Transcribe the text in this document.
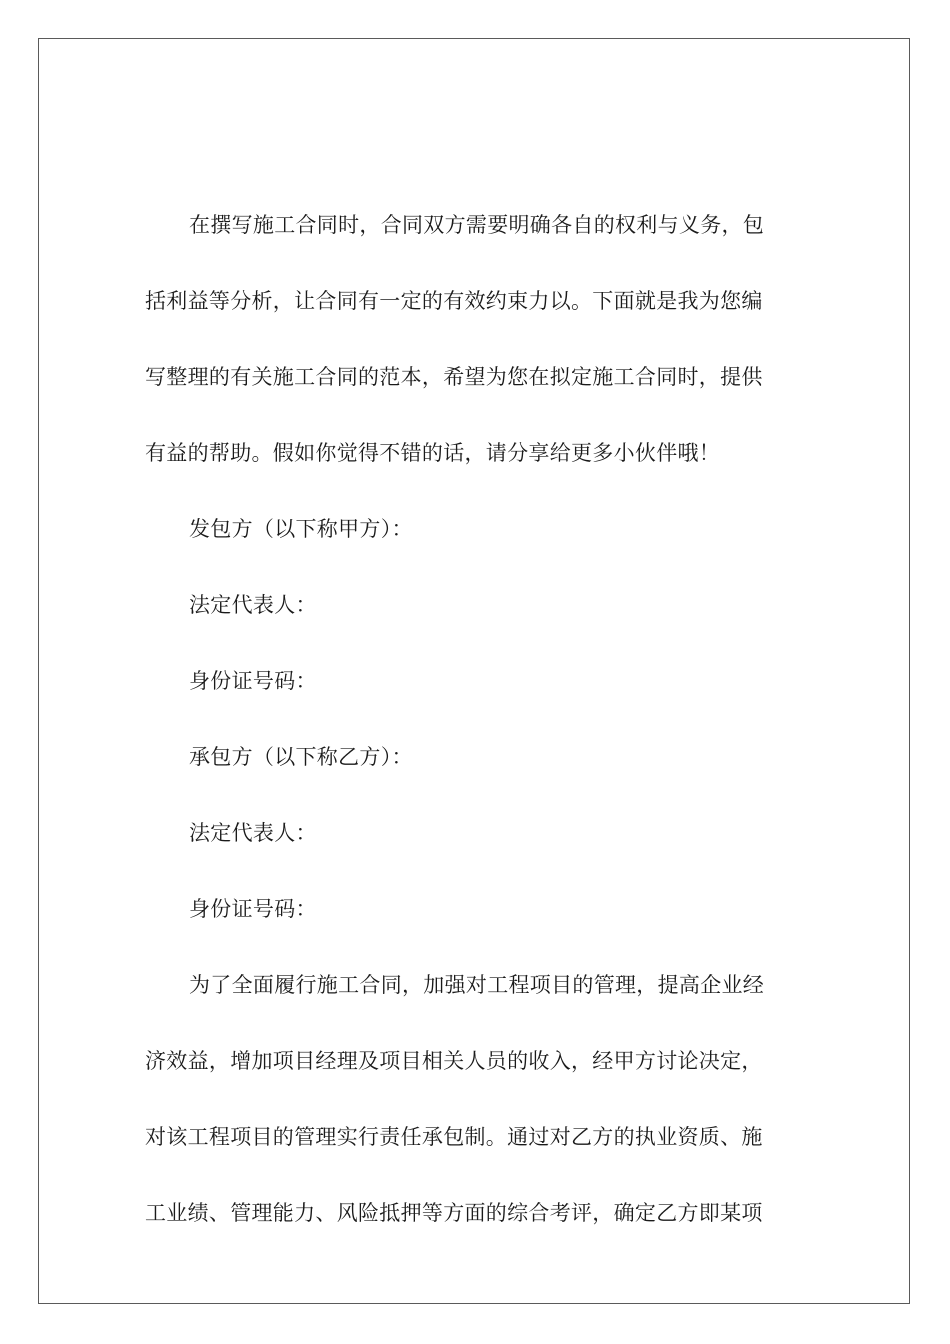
在撰写施工合同时，合同双方需要明确各自的权利与义务，包
括利益等分析，让合同有一定的有效约束力以。下面就是我为您编
写整理的有关施工合同的范本，希望为您在拟定施工合同时，提供
有益的帮助。假如你觉得不错的话，请分享给更多小伙伴哦！
发包方（以下称甲方）：
法定代表人：
身份证号码：
承包方（以下称乙方）：
法定代表人：
身份证号码：
为了全面履行施工合同，加强对工程项目的管理，提高企业经
济效益，增加项目经理及项目相关人员的收入，经甲方讨论决定，
对该工程项目的管理实行责任承包制。通过对乙方的执业资质、施
工业绩、管理能力、风险抵押等方面的综合考评，确定乙方即某项
